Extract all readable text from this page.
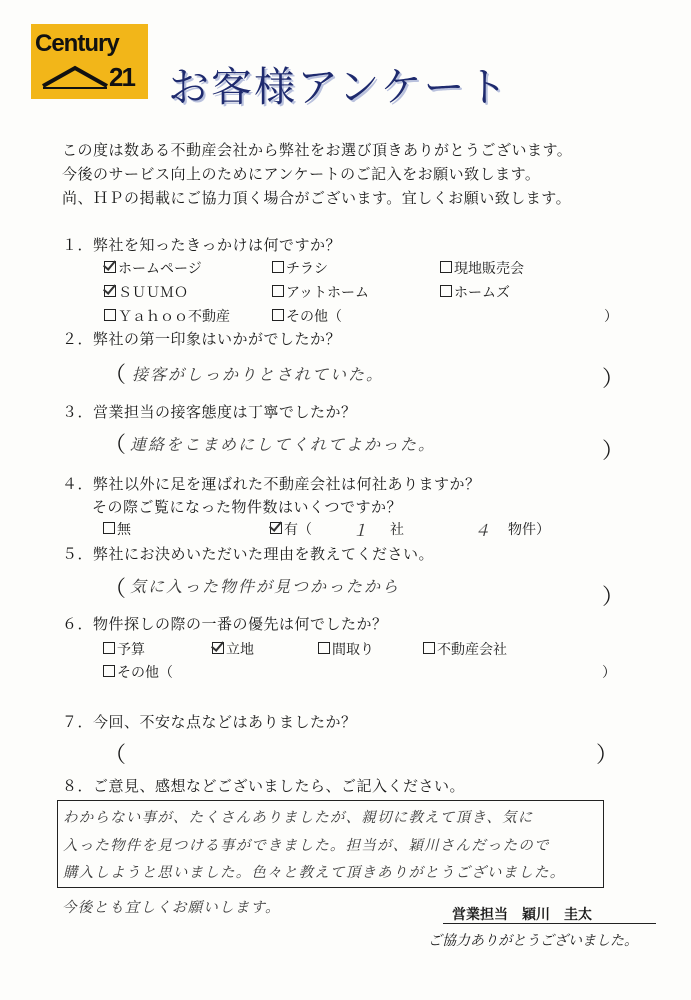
Century
21 お客様アンケート
この度は数ある不動産会社から弊社をお選び頂きありがとうございます。
今後のサービス向上のためにアンケートのご記入をお願い致します。
尚、ＨＰの掲載にご協力頂く場合がございます。宜しくお願い致します。
１．弊社を知ったきっかけは何ですか？
ホームページ	チラシ	現地販売会
ＳＵＵＭＯ	アットホーム	ホームズ
Ｙａｈｏｏ不動産	その他（	）
２．弊社の第一印象はいかがでしたか？
（ 接客がしっかりとされていた。	）
３．営業担当の接客態度は丁寧でしたか？
（ 連絡をこまめにしてくれてよかった。	）
４．弊社以外に足を運ばれた不動産会社は何社ありますか？
その際ご覧になった物件数はいくつですか？
無	有（	１ 社	４ 物件）
５．弊社にお決めいただいた理由を教えてください。
（ 気に入った物件が見つかったから	）
６．物件探しの際の一番の優先は何でしたか？
予算	立地	間取り	不動産会社
その他（	）
７．今回、不安な点などはありましたか？
（	）
８．ご意見、感想などございましたら、ご記入ください。
わからない事が、たくさんありましたが、親切に教えて頂き、気に
入った物件を見つける事ができました。担当が、穎川さんだったので
購入しようと思いました。色々と教えて頂きありがとうございました。
今後とも宜しくお願いします。	営業担当　穎川　圭太
ご協力ありがとうございました。
